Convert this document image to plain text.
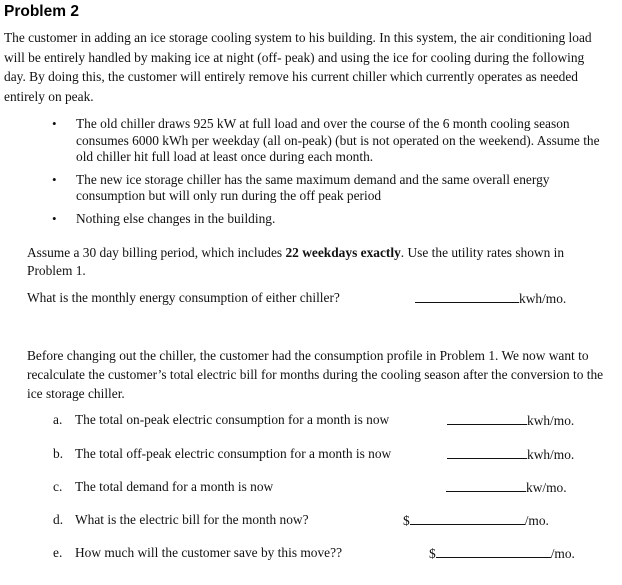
Problem 2
The customer in adding an ice storage cooling system to his building. In this system, the air conditioning load will be entirely handled by making ice at night (off- peak) and using the ice for cooling during the following day. By doing this, the customer will entirely remove his current chiller which currently operates as needed entirely on peak.
• The old chiller draws 925 kW at full load and over the course of the 6 month cooling season consumes 6000 kWh per weekday (all on-peak) (but is not operated on the weekend). Assume the old chiller hit full load at least once during each month.
• The new ice storage chiller has the same maximum demand and the same overall energy consumption but will only run during the off peak period
• Nothing else changes in the building.
Assume a 30 day billing period, which includes 22 weekdays exactly. Use the utility rates shown in Problem 1.
What is the monthly energy consumption of either chiller?	kwh/mo.
Before changing out the chiller, the customer had the consumption profile in Problem 1. We now want to recalculate the customer’s total electric bill for months during the cooling season after the conversion to the ice storage chiller.
a. The total on-peak electric consumption for a month is now	kwh/mo.
b. The total off-peak electric consumption for a month is now	kwh/mo.
c. The total demand for a month is now	kw/mo.
d. What is the electric bill for the month now?	$	/mo.
e. How much will the customer save by this move??	$	/mo.
